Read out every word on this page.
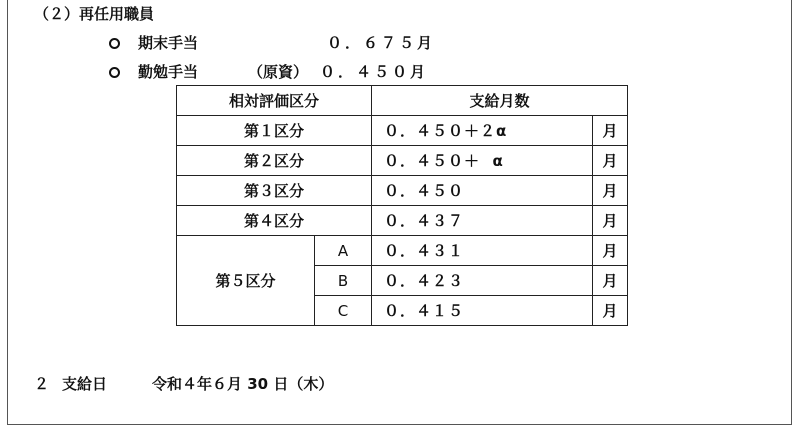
（２）再任用職員
期末手当	０．６７５月
勤勉手当	（原資） ０．４５０月
相対評価区分		支給月数	
第１区分		０．４５０＋２α	月
第２区分		０．４５０＋  α	月
第３区分		０．４５０	月
第４区分		０．４３７	月
第５区分	A	０．４３１	月
	B	０．４２３	月
	C	０．４１５	月
２ 支給日	令和４年６月 30 日（木）
